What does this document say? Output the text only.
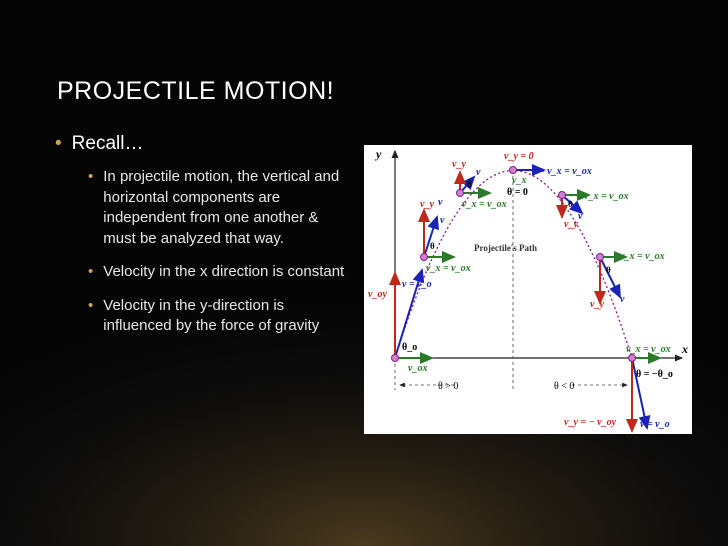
PROJECTILE MOTION!
• Recall…
• In projectile motion, the vertical and horizontal components are independent from one another & must be analyzed that way.
• Velocity in the x direction is constant
• Velocity in the y-direction is influenced by the force of gravity
y
x
θ > 0	θ < 0
Projectile's Path
v_oy
v = v_o
v_ox
θ_o
v_y
v
v_x = v_ox
θ
v_y
v
v_x = v_ox
θ
v
v_y = 0
v = v_x = v_ox
v_x
θ = 0	v_x = v_ox
v_y
v
θ
v_x = v_ox
v_y v
θ
v_x = v_ox
θ = −θ_o
v_y = − v_oy v = v_o
